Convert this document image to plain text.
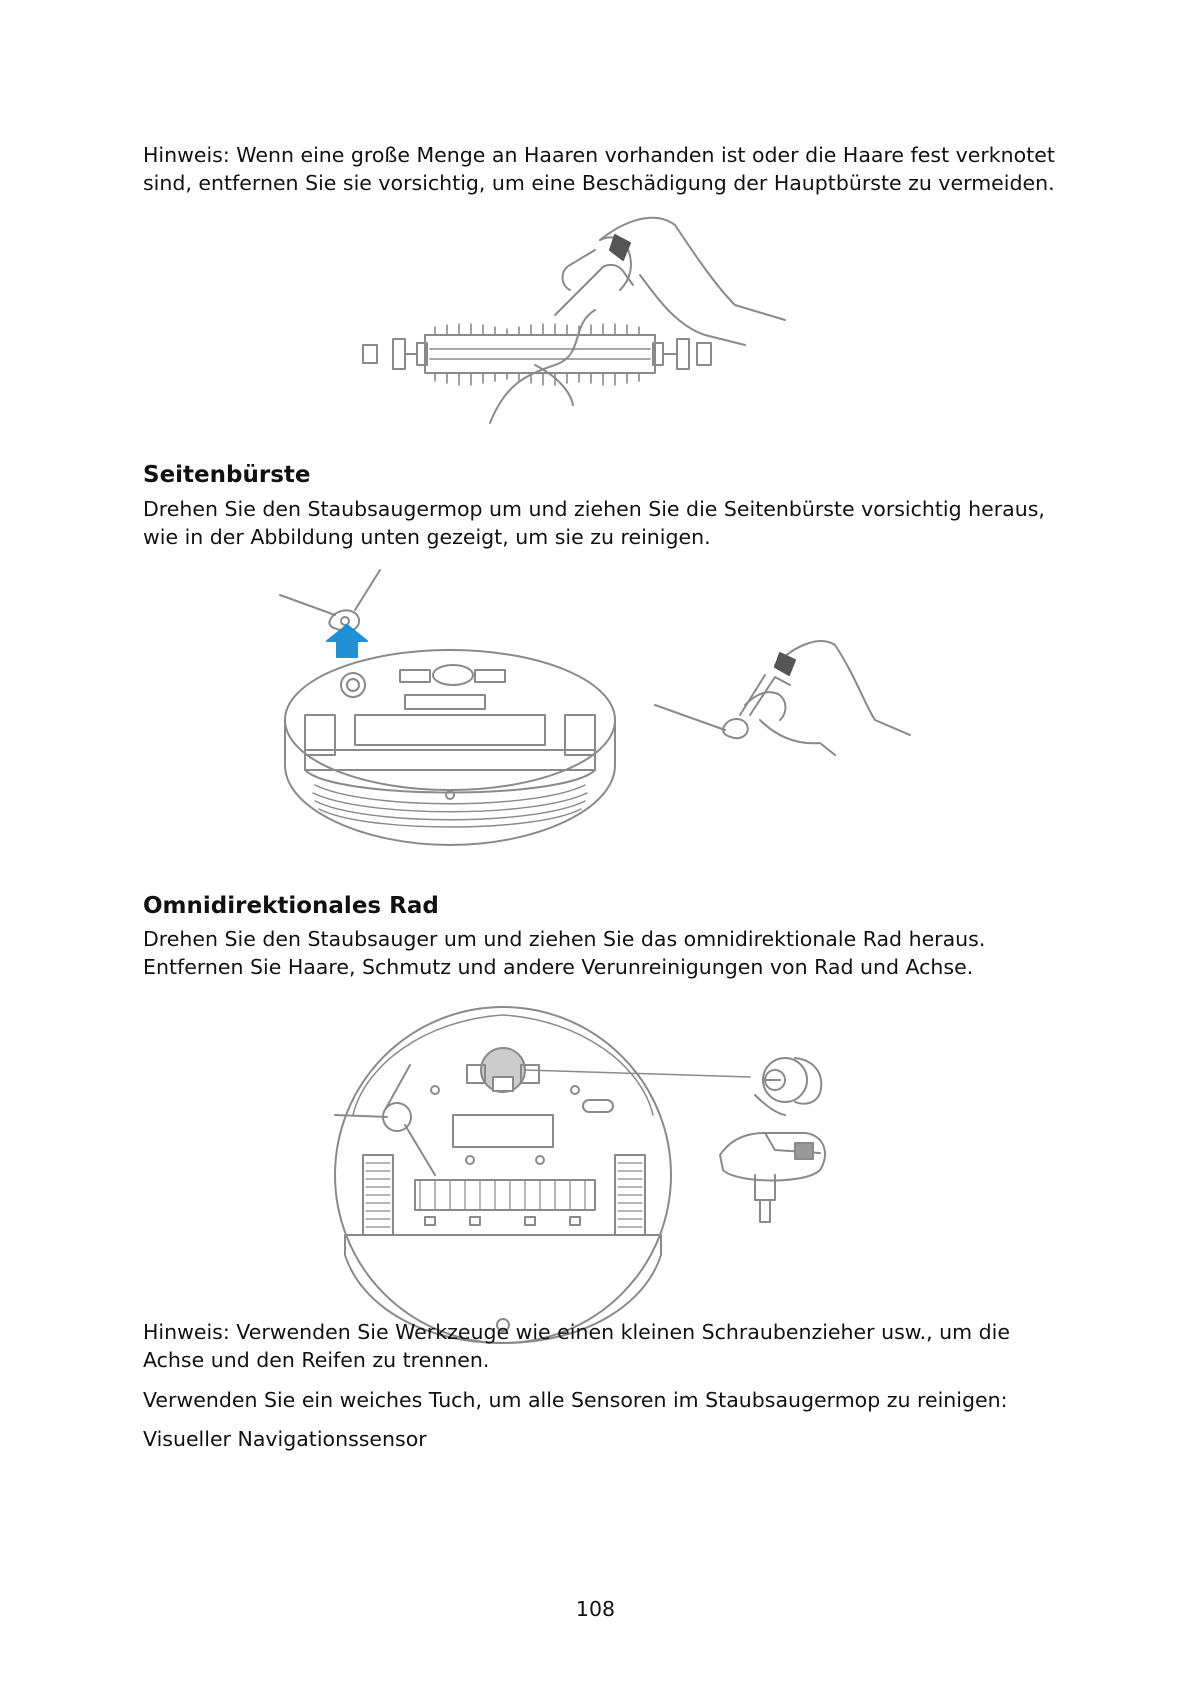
Hinweis: Wenn eine große Menge an Haaren vorhanden ist oder die Haare fest verknotet

sind, entfernen Sie sie vorsichtig, um eine Beschädigung der Hauptbürste zu vermeiden.

Seitenbürste

Drehen Sie den Staubsaugermop um und ziehen Sie die Seitenbürste vorsichtig heraus,

wie in der Abbildung unten gezeigt, um sie zu reinigen.

Omnidirektionales Rad

Drehen Sie den Staubsauger um und ziehen Sie das omnidirektionale Rad heraus.

Entfernen Sie Haare, Schmutz und andere Verunreinigungen von Rad und Achse.

Hinweis: Verwenden Sie Werkzeuge wie einen kleinen Schraubenzieher usw., um die

Achse und den Reifen zu trennen.

Verwenden Sie ein weiches Tuch, um alle Sensoren im Staubsaugermop zu reinigen:

Visueller Navigationssensor

108
